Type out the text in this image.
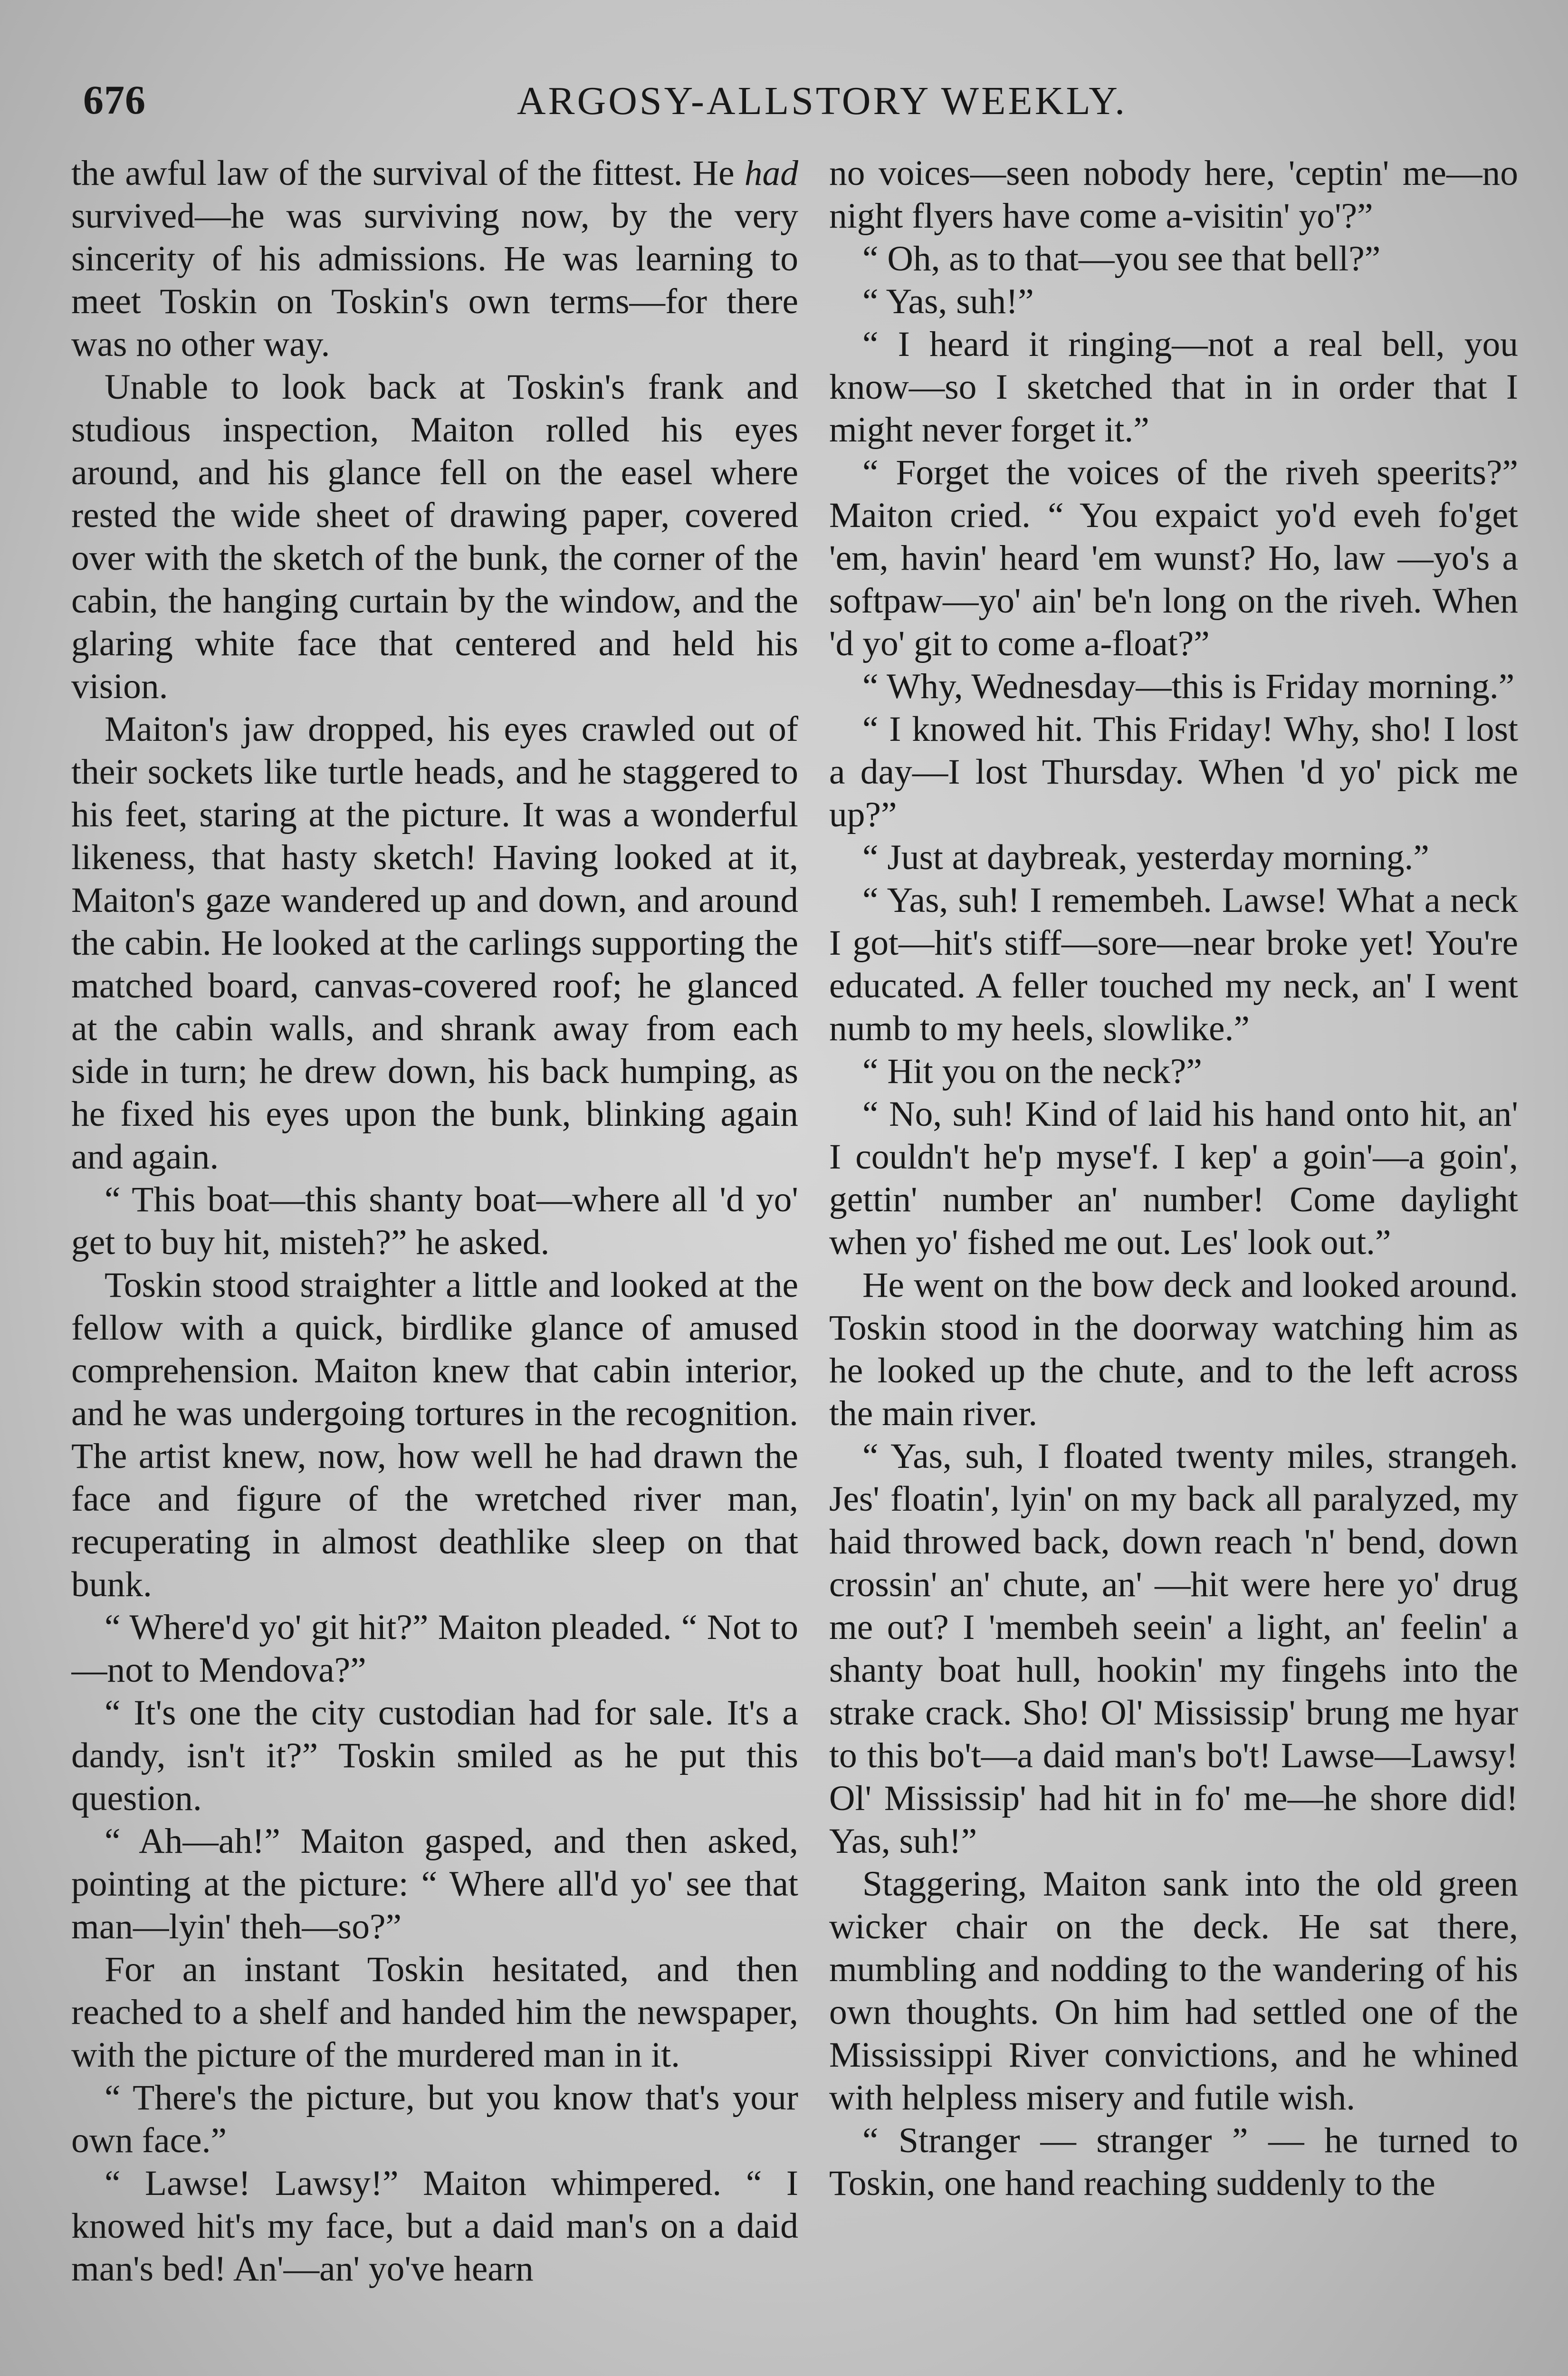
676	ARGOSY-ALLSTORY WEEKLY.

the awful law of the survival of the fittest. He had survived—he was surviving now, by the very sincerity of his admissions. He was learning to meet Toskin on Toskin's own terms—for there was no other way.

Unable to look back at Toskin's frank and studious inspection, Maiton rolled his eyes around, and his glance fell on the easel where rested the wide sheet of drawing paper, covered over with the sketch of the bunk, the corner of the cabin, the hanging curtain by the window, and the glaring white face that centered and held his vision.

Maiton's jaw dropped, his eyes crawled out of their sockets like turtle heads, and he staggered to his feet, staring at the picture. It was a wonderful likeness, that hasty sketch! Having looked at it, Maiton's gaze wandered up and down, and around the cabin. He looked at the carlings supporting the matched board, canvas-covered roof; he glanced at the cabin walls, and shrank away from each side in turn; he drew down, his back humping, as he fixed his eyes upon the bunk, blinking again and again.

“ This boat—this shanty boat—where all 'd yo' get to buy hit, misteh?” he asked.

Toskin stood straighter a little and looked at the fellow with a quick, birdlike glance of amused comprehension. Maiton knew that cabin interior, and he was undergoing tortures in the recognition. The artist knew, now, how well he had drawn the face and figure of the wretched river man, recuperating in almost deathlike sleep on that bunk.

“ Where'd yo' git hit?” Maiton pleaded. “ Not to—not to Mendova?”

“ It's one the city custodian had for sale. It's a dandy, isn't it?” Toskin smiled as he put this question.

“ Ah—ah!” Maiton gasped, and then asked, pointing at the picture: “ Where all'd yo' see that man—lyin' theh—so?”

For an instant Toskin hesitated, and then reached to a shelf and handed him the newspaper, with the picture of the murdered man in it.

“ There's the picture, but you know that's your own face.”

“ Lawse! Lawsy!” Maiton whimpered. “ I knowed hit's my face, but a daid man's on a daid man's bed! An'—an' yo've hearn

no voices—seen nobody here, 'ceptin' me—no night flyers have come a-visitin' yo'?”

“ Oh, as to that—you see that bell?”

“ Yas, suh!”

“ I heard it ringing—not a real bell, you know—so I sketched that in in order that I might never forget it.”

“ Forget the voices of the riveh speerits?” Maiton cried. “ You expaict yo'd eveh fo'get 'em, havin' heard 'em wunst? Ho, law —yo's a softpaw—yo' ain' be'n long on the riveh. When 'd yo' git to come a-float?”

“ Why, Wednesday—this is Friday morning.”

“ I knowed hit. This Friday! Why, sho! I lost a day—I lost Thursday. When 'd yo' pick me up?”

“ Just at daybreak, yesterday morning.”

“ Yas, suh! I remembeh. Lawse! What a neck I got—hit's stiff—sore—near broke yet! You're educated. A feller touched my neck, an' I went numb to my heels, slowlike.”

“ Hit you on the neck?”

“ No, suh! Kind of laid his hand onto hit, an' I couldn't he'p myse'f. I kep' a goin'—a goin', gettin' number an' number! Come daylight when yo' fished me out. Les' look out.”

He went on the bow deck and looked around. Toskin stood in the doorway watching him as he looked up the chute, and to the left across the main river.

“ Yas, suh, I floated twenty miles, strangeh. Jes' floatin', lyin' on my back all paralyzed, my haid throwed back, down reach 'n' bend, down crossin' an' chute, an' —hit were here yo' drug me out? I 'membeh seein' a light, an' feelin' a shanty boat hull, hookin' my fingehs into the strake crack. Sho! Ol' Mississip' brung me hyar to this bo't—a daid man's bo't! Lawse—Lawsy! Ol' Mississip' had hit in fo' me—he shore did! Yas, suh!”

Staggering, Maiton sank into the old green wicker chair on the deck. He sat there, mumbling and nodding to the wandering of his own thoughts. On him had settled one of the Mississippi River convictions, and he whined with helpless misery and futile wish.

“ Stranger — stranger ” — he turned to Toskin, one hand reaching suddenly to the
